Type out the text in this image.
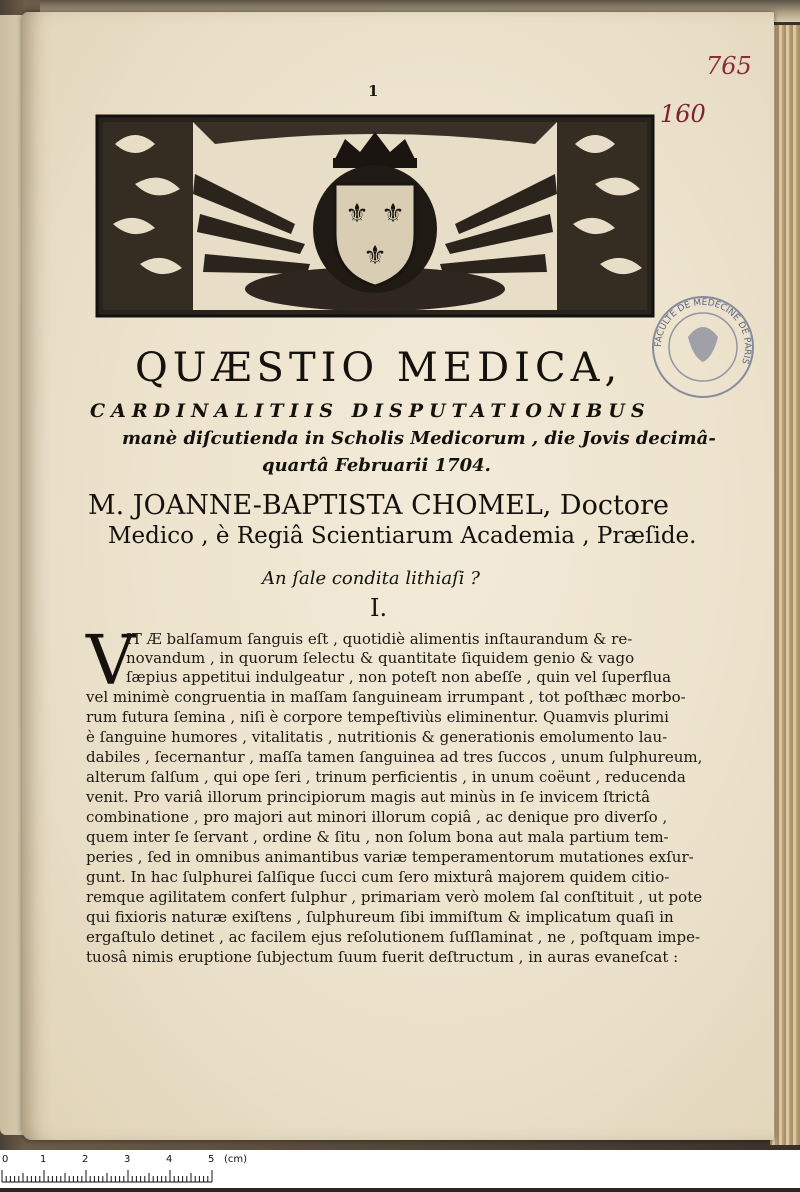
1
765
160
⚜ ⚜
⚜
FACULTE DE MEDECINE DE PARIS
QUÆSTIO MEDICA,
CARDINALITIIS DISPUTATIONIBUS
manè diſcutienda in Scholis Medicorum , die Jovis decimâ-
quartâ Februarii 1704.
M. JOANNE-BAPTISTA CHOMEL, Doctore
Medico , è Regiâ Scientiarum Academia , Præſide.
An ſale condita lithiaſi ?
I.
V
IT Æ balſamum ſanguis eſt , quotidiè alimentis inſtaurandum & re-
novandum , in quorum ſelectu & quantitate ſiquidem genio & vago
ſæpius appetitui indulgeatur , non poteſt non abeſſe , quin vel ſuperflua
vel minimè congruentia in maſſam ſanguineam irrumpant , tot poſthæc morbo-
rum futura ſemina , niſi è corpore tempeſtiviùs eliminentur. Quamvis plurimi
è ſanguine humores , vitalitatis , nutritionis & generationis emolumento lau-
dabiles , ſecernantur , maſſa tamen ſanguinea ad tres ſuccos , unum ſulphureum,
alterum ſalſum , qui ope ſeri , trinum perficientis , in unum coëunt , reducenda
venit. Pro variâ illorum principiorum magis aut minùs in ſe invicem ſtrictâ
combinatione , pro majori aut minori illorum copiâ , ac denique pro diverſo ,
quem inter ſe ſervant , ordine & ſitu , non ſolum bona aut mala partium tem-
peries , ſed in omnibus animantibus variæ temperamentorum mutationes exſur-
gunt. In hac ſulphurei ſalſique ſucci cum ſero mixturâ majorem quidem citio-
remque agilitatem confert ſulphur , primariam verò molem ſal conſtituit , ut pote
qui fixioris naturæ exiſtens , ſulphureum ſibi immiſtum & implicatum quaſi in
ergaſtulo detinet , ac facilem ejus reſolutionem ſuſſlaminat , ne , poſtquam impe-
tuosâ nimis eruptione ſubjectum ſuum fuerit deſtructum , in auras evaneſcat :
0	1	2	3	4	5 (cm)
